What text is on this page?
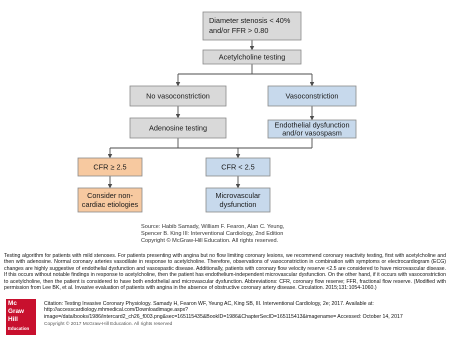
Diameter stenosis < 40%
and/or FFR > 0.80
Acetylcholine testing
No vasoconstriction	Vasoconstriction
Adenosine testing	Endothelial dysfunction
and/or vasospasm
CFR ≥ 2.5	CFR < 2.5
Consider non-
cardiac etiologies
Microvascular
dysfunction
Source: Habib Samady, William F. Fearon, Alan C. Yeung,
Spencer B. King III: Interventional Cardiology, 2nd Edition
Copyright © McGraw-Hill Education. All rights reserved.
Testing algorithm for patients with mild stenoses. For patients presenting with angina but no flow limiting coronary lesions, we recommend coronary reactivity testing, first with acetylcholine and then with adenosine. Normal coronary arteries vasodilate in response to acetylcholine. Therefore, observations of vasoconstriction in combination with symptoms or electrocardiogram (ECG) changes are highly suggestive of endothelial dysfunction and vasospastic disease. Additionally, patients with coronary flow velocity reserve <2.5 are considered to have microvascular disease. If this occurs without notable findings in response to acetylcholine, then the patient has endothelium-independent microvascular dysfunction. On the other hand, if it occurs with vasoconstriction to acetylcholine, then the patient is considered to have both endothelial and microvascular dysfunction. Abbreviations: CFR, coronary flow reserve; FFR, fractional flow reserve. (Modified with permission from Lee BK, et al. Invasive evaluation of patients with angina in the absence of obstructive coronary artery disease. Circulation. 2015;131:1054-1060.)
Mc
Graw
Hill
Education
Citation: Testing Invasive Coronary Physiology. Samady H, Fearon WF, Yeung AC, King SB, III. Interventional Cardiology, 2e; 2017. Available at: http://accesscardiology.mhmedical.com/Downloadimage.aspx?image=/data/books/1986/intercard2_ch26_f003.png&sec=165115435&BookID=1986&ChapterSecID=165115413&imagename= Accessed: October 14, 2017
Copyright © 2017 McGraw-Hill Education. All rights reserved
